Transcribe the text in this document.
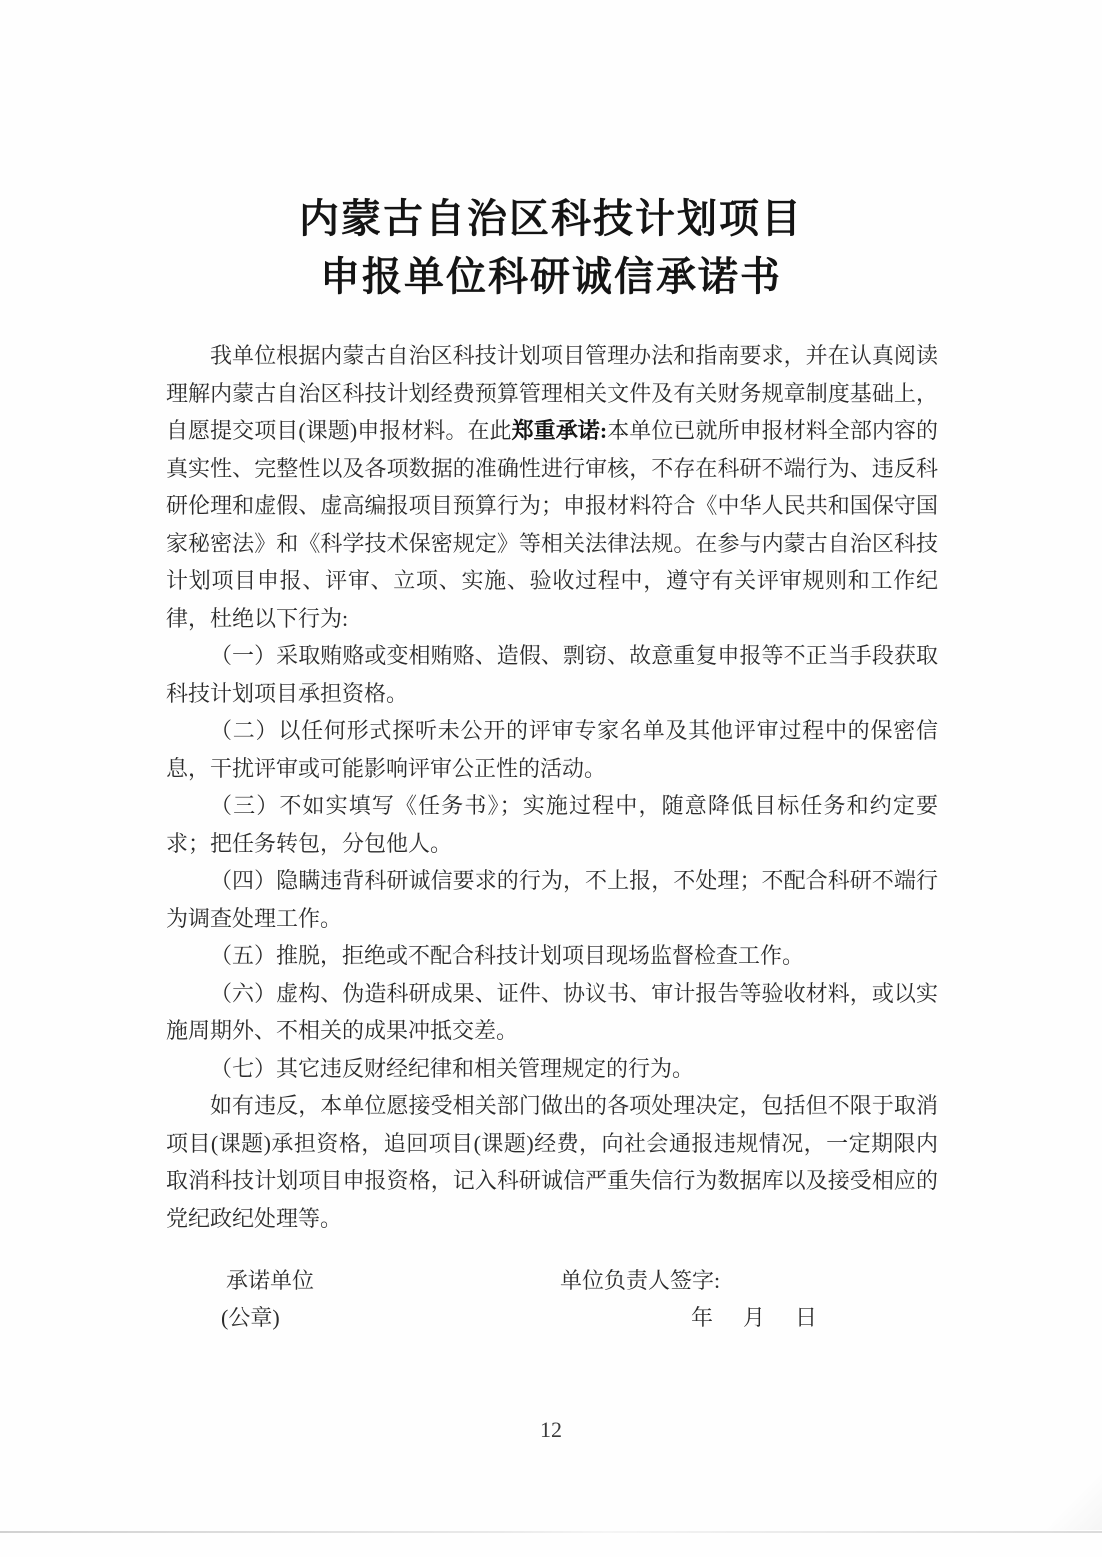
内蒙古自治区科技计划项目
申报单位科研诚信承诺书

我单位根据内蒙古自治区科技计划项目管理办法和指南要求，并在认真阅读理解内蒙古自治区科技计划经费预算管理相关文件及有关财务规章制度基础上，自愿提交项目(课题)申报材料。在此郑重承诺:本单位已就所申报材料全部内容的真实性、完整性以及各项数据的准确性进行审核，不存在科研不端行为、违反科研伦理和虚假、虚高编报项目预算行为；申报材料符合《中华人民共和国保守国家秘密法》和《科学技术保密规定》等相关法律法规。在参与内蒙古自治区科技计划项目申报、评审、立项、实施、验收过程中，遵守有关评审规则和工作纪律，杜绝以下行为:

（一）采取贿赂或变相贿赂、造假、剽窃、故意重复申报等不正当手段获取科技计划项目承担资格。

（二）以任何形式探听未公开的评审专家名单及其他评审过程中的保密信息，干扰评审或可能影响评审公正性的活动。

（三）不如实填写《任务书》；实施过程中，随意降低目标任务和约定要求；把任务转包，分包他人。

（四）隐瞒违背科研诚信要求的行为，不上报，不处理；不配合科研不端行为调查处理工作。

（五）推脱，拒绝或不配合科技计划项目现场监督检查工作。

（六）虚构、伪造科研成果、证件、协议书、审计报告等验收材料，或以实施周期外、不相关的成果冲抵交差。

（七）其它违反财经纪律和相关管理规定的行为。

如有违反，本单位愿接受相关部门做出的各项处理决定，包括但不限于取消项目(课题)承担资格，追回项目(课题)经费，向社会通报违规情况，一定期限内取消科技计划项目申报资格，记入科研诚信严重失信行为数据库以及接受相应的党纪政纪处理等。

承诺单位	单位负责人签字:
(公章)	年　月　日
12
